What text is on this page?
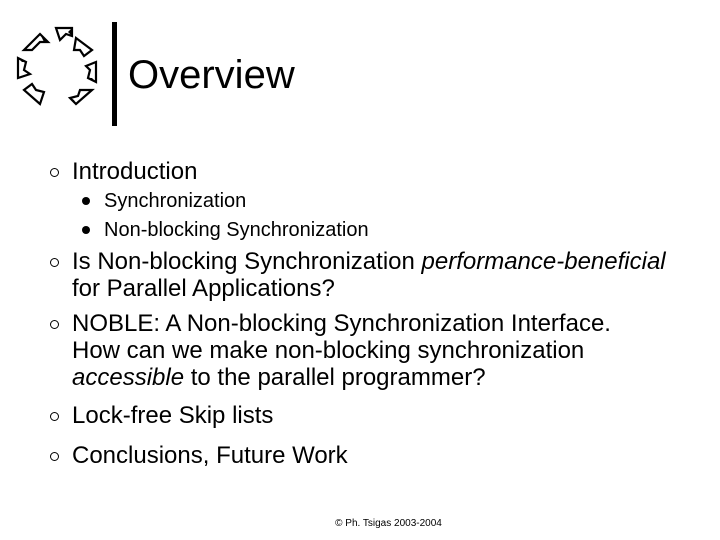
Overview
Introduction
Synchronization
Non-blocking Synchronization
Is Non-blocking Synchronization performance-beneficial for Parallel Applications?
NOBLE: A Non-blocking Synchronization Interface.
How can we make non-blocking synchronization
accessible to the parallel programmer?
Lock-free Skip lists
Conclusions, Future Work
© Ph. Tsigas 2003-2004
